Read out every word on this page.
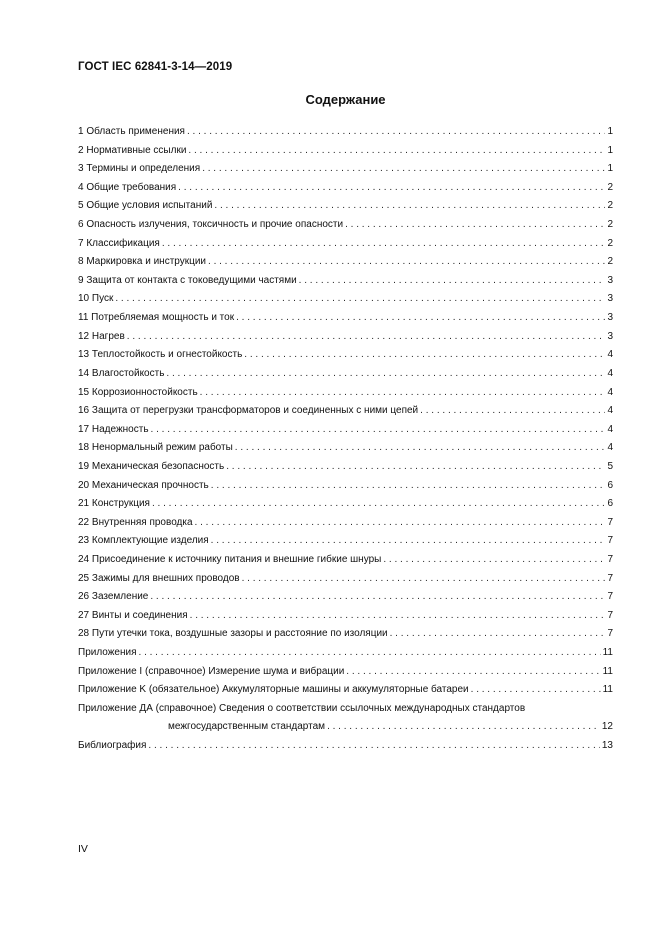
ГОСТ IEC 62841-3-14—2019
Содержание
1 Область применения . . .	1
2 Нормативные ссылки . . .	1
3 Термины и определения . . .	1
4 Общие требования . . .	2
5 Общие условия испытаний . . .	2
6 Опасность излучения, токсичность и прочие опасности . . .	2
7 Классификация . . .	2
8 Маркировка и инструкции . . .	2
9 Защита от контакта с токоведущими частями . . .	3
10 Пуск . . .	3
11 Потребляемая мощность и ток . . .	3
12 Нагрев . . .	3
13 Теплостойкость и огнестойкость . . .	4
14 Влагостойкость . . .	4
15 Коррозионностойкость . . .	4
16 Защита от перегрузки трансформаторов и соединенных с ними цепей . . .	4
17 Надежность . . .	4
18 Ненормальный режим работы . . .	4
19 Механическая безопасность . . .	5
20 Механическая прочность . . .	6
21 Конструкция . . .	6
22 Внутренняя проводка . . .	7
23 Комплектующие изделия . . .	7
24 Присоединение к источнику питания и внешние гибкие шнуры . . .	7
25 Зажимы для внешних проводов . . .	7
26 Заземление . . .	7
27 Винты и соединения . . .	7
28 Пути утечки тока, воздушные зазоры и расстояние по изоляции . . .	7
Приложения . . .	11
Приложение I (справочное) Измерение шума и вибрации . . .	11
Приложение K (обязательное) Аккумуляторные машины и аккумуляторные батареи . . .	11
Приложение ДА (справочное) Сведения о соответствии ссылочных международных стандартов
межгосударственным стандартам . . .	12
Библиография . . .	13
IV
